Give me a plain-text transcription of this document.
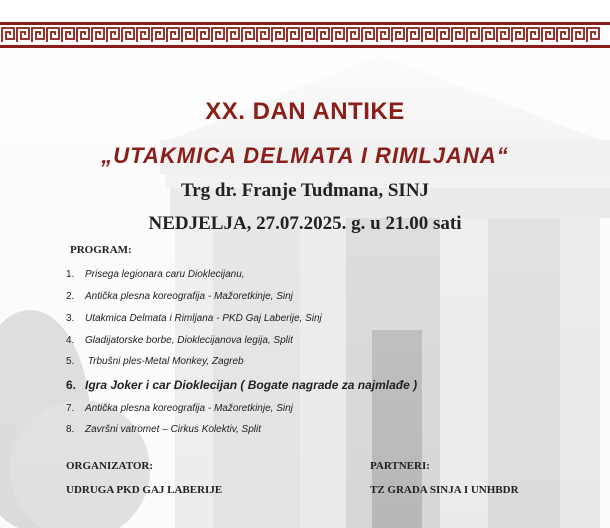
XX. DAN ANTIKE
„UTAKMICA DELMATA I RIMLJANA“
Trg dr. Franje Tuđmana, SINJ
NEDJELJA, 27.07.2025. g. u 21.00 sati
PROGRAM:
1. Prisega legionara caru Dioklecijanu,
2. Antička plesna koreografija - Mažoretkinje, Sinj
3. Utakmica Delmata i Rimljana - PKD Gaj Laberije, Sinj
4. Gladijatorske borbe, Dioklecijanova legija, Split
5. Trbušni ples-Metal Monkey, Zagreb
6. Igra Joker i car Dioklecijan ( Bogate nagrade za najmlađe )
7. Antička plesna koreografija - Mažoretkinje, Sinj
8. Završni vatromet – Cirkus Kolektiv, Split
ORGANIZATOR:
UDRUGA PKD GAJ LABERIJE
PARTNERI:
TZ GRADA SINJA I UNHBDR
